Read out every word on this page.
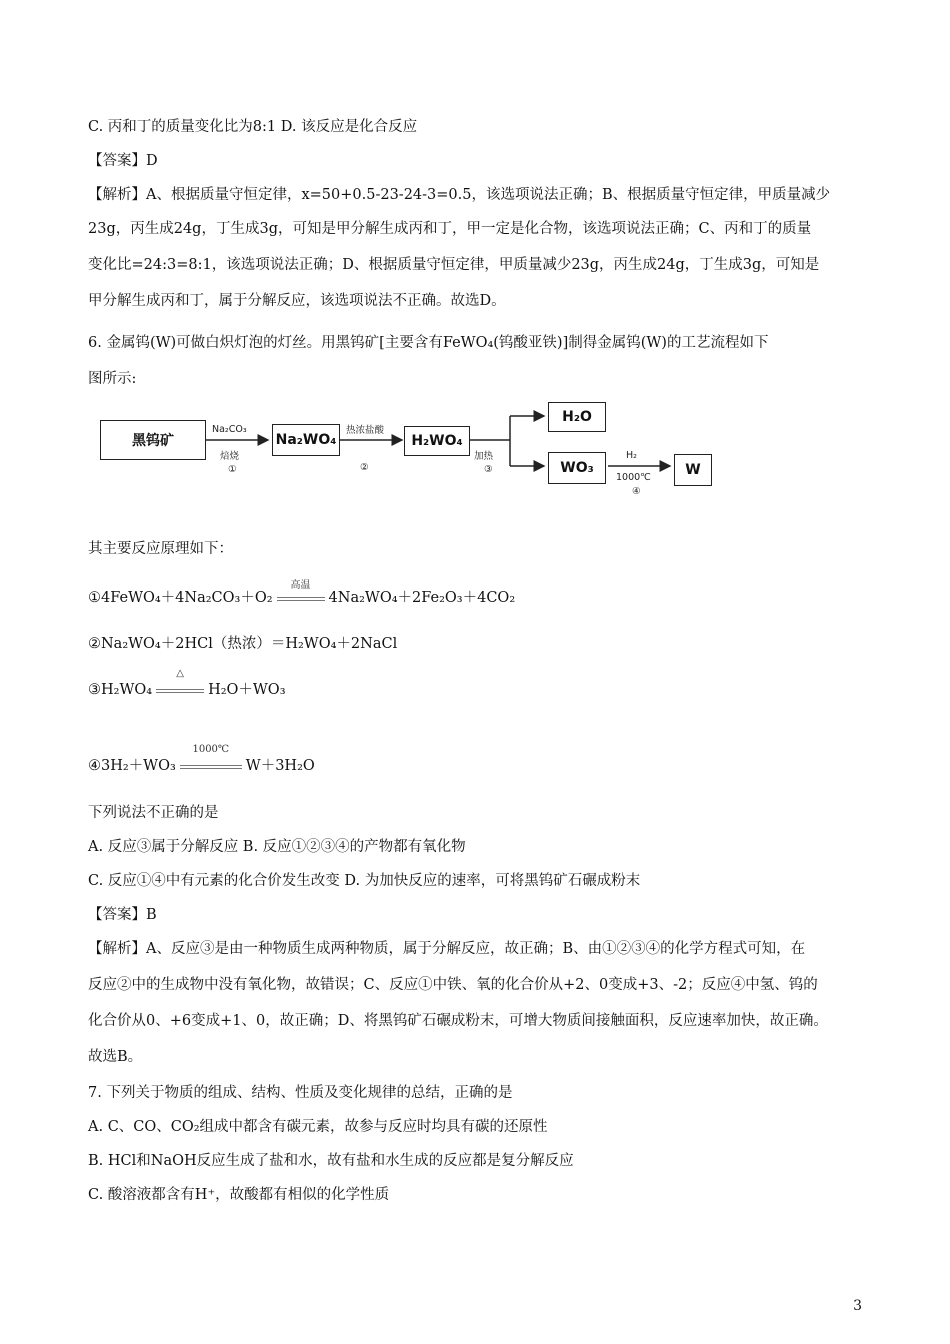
C. 丙和丁的质量变化比为8:1 D. 该反应是化合反应
【答案】D
【解析】A、根据质量守恒定律，x=50+0.5-23-24-3=0.5，该选项说法正确；B、根据质量守恒定律，甲质量减少
23g，丙生成24g，丁生成3g，可知是甲分解生成丙和丁，甲一定是化合物，该选项说法正确；C、丙和丁的质量
变化比=24:3=8:1，该选项说法正确；D、根据质量守恒定律，甲质量减少23g，丙生成24g，丁生成3g，可知是
甲分解生成丙和丁，属于分解反应，该选项说法不正确。故选D。
6. 金属钨(W)可做白炽灯泡的灯丝。用黑钨矿[主要含有FeWO₄(钨酸亚铁)]制得金属钨(W)的工艺流程如下
图所示:
黑钨矿	Na₂WO₄	H₂WO₄
H₂O
WO₃	W
Na₂CO₃
焙烧
①
热浓盐酸
②
加热
③
H₂
1000℃
④
其主要反应原理如下：
①4FeWO₄＋4Na₂CO₃＋O₂
高温
4Na₂WO₄＋2Fe₂O₃＋4CO₂
②Na₂WO₄＋2HCl（热浓）＝H₂WO₄＋2NaCl
③H₂WO₄
△
H₂O＋WO₃
④3H₂＋WO₃
1000℃
W＋3H₂O
下列说法不正确的是
A. 反应③属于分解反应 B. 反应①②③④的产物都有氧化物
C. 反应①④中有元素的化合价发生改变 D. 为加快反应的速率，可将黑钨矿石碾成粉末
【答案】B
【解析】A、反应③是由一种物质生成两种物质，属于分解反应，故正确；B、由①②③④的化学方程式可知，在
反应②中的生成物中没有氧化物，故错误；C、反应①中铁、氧的化合价从+2、0变成+3、-2；反应④中氢、钨的
化合价从0、+6变成+1、0，故正确；D、将黑钨矿石碾成粉末，可增大物质间接触面积，反应速率加快，故正确。
故选B。
7. 下列关于物质的组成、结构、性质及变化规律的总结，正确的是
A. C、CO、CO₂组成中都含有碳元素，故参与反应时均具有碳的还原性
B. HCl和NaOH反应生成了盐和水，故有盐和水生成的反应都是复分解反应
C. 酸溶液都含有H⁺，故酸都有相似的化学性质
3
